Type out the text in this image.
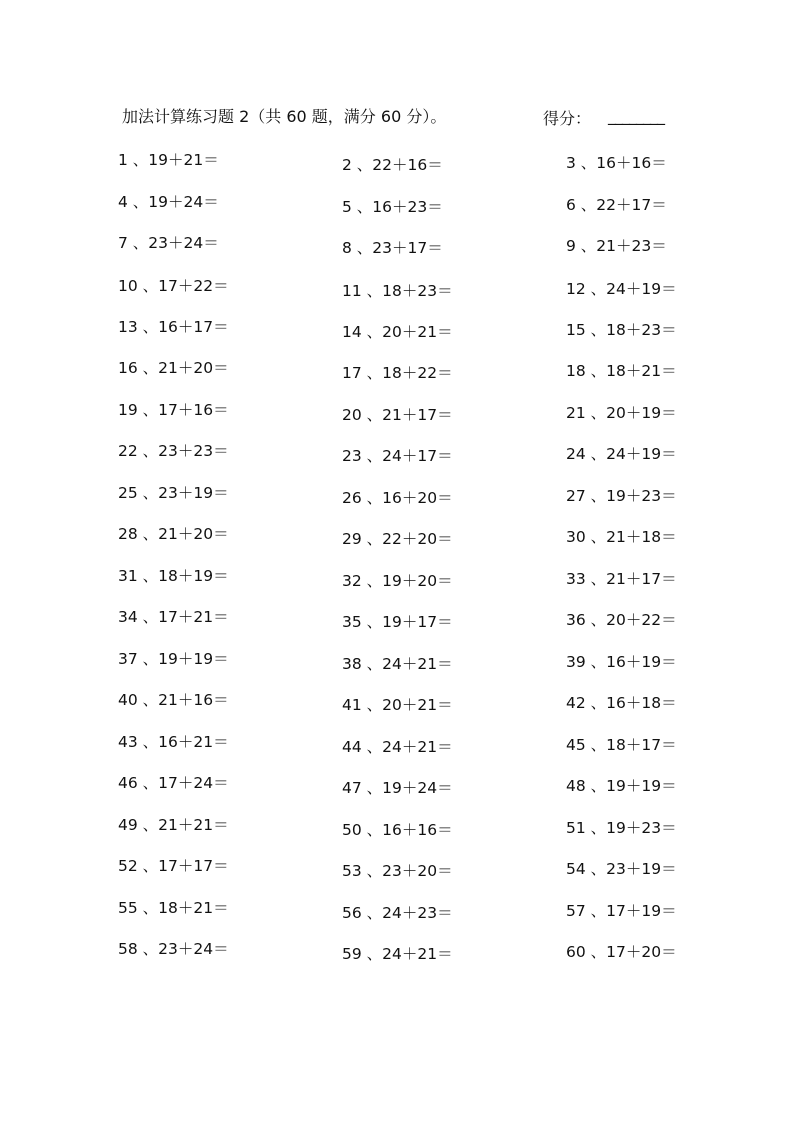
加法计算练习题 2（共 60 题，满分 60 分）。	得分： ________
1 、19＋21＝	2 、22＋16＝	3 、16＋16＝
4 、19＋24＝	5 、16＋23＝	6 、22＋17＝
7 、23＋24＝	8 、23＋17＝	9 、21＋23＝
10 、17＋22＝	11 、18＋23＝	12 、24＋19＝
13 、16＋17＝	14 、20＋21＝	15 、18＋23＝
16 、21＋20＝	17 、18＋22＝	18 、18＋21＝
19 、17＋16＝	20 、21＋17＝	21 、20＋19＝
22 、23＋23＝	23 、24＋17＝	24 、24＋19＝
25 、23＋19＝	26 、16＋20＝	27 、19＋23＝
28 、21＋20＝	29 、22＋20＝	30 、21＋18＝
31 、18＋19＝	32 、19＋20＝	33 、21＋17＝
34 、17＋21＝	35 、19＋17＝	36 、20＋22＝
37 、19＋19＝	38 、24＋21＝	39 、16＋19＝
40 、21＋16＝	41 、20＋21＝	42 、16＋18＝
43 、16＋21＝	44 、24＋21＝	45 、18＋17＝
46 、17＋24＝	47 、19＋24＝	48 、19＋19＝
49 、21＋21＝	50 、16＋16＝	51 、19＋23＝
52 、17＋17＝	53 、23＋20＝	54 、23＋19＝
55 、18＋21＝	56 、24＋23＝	57 、17＋19＝
58 、23＋24＝	59 、24＋21＝	60 、17＋20＝
